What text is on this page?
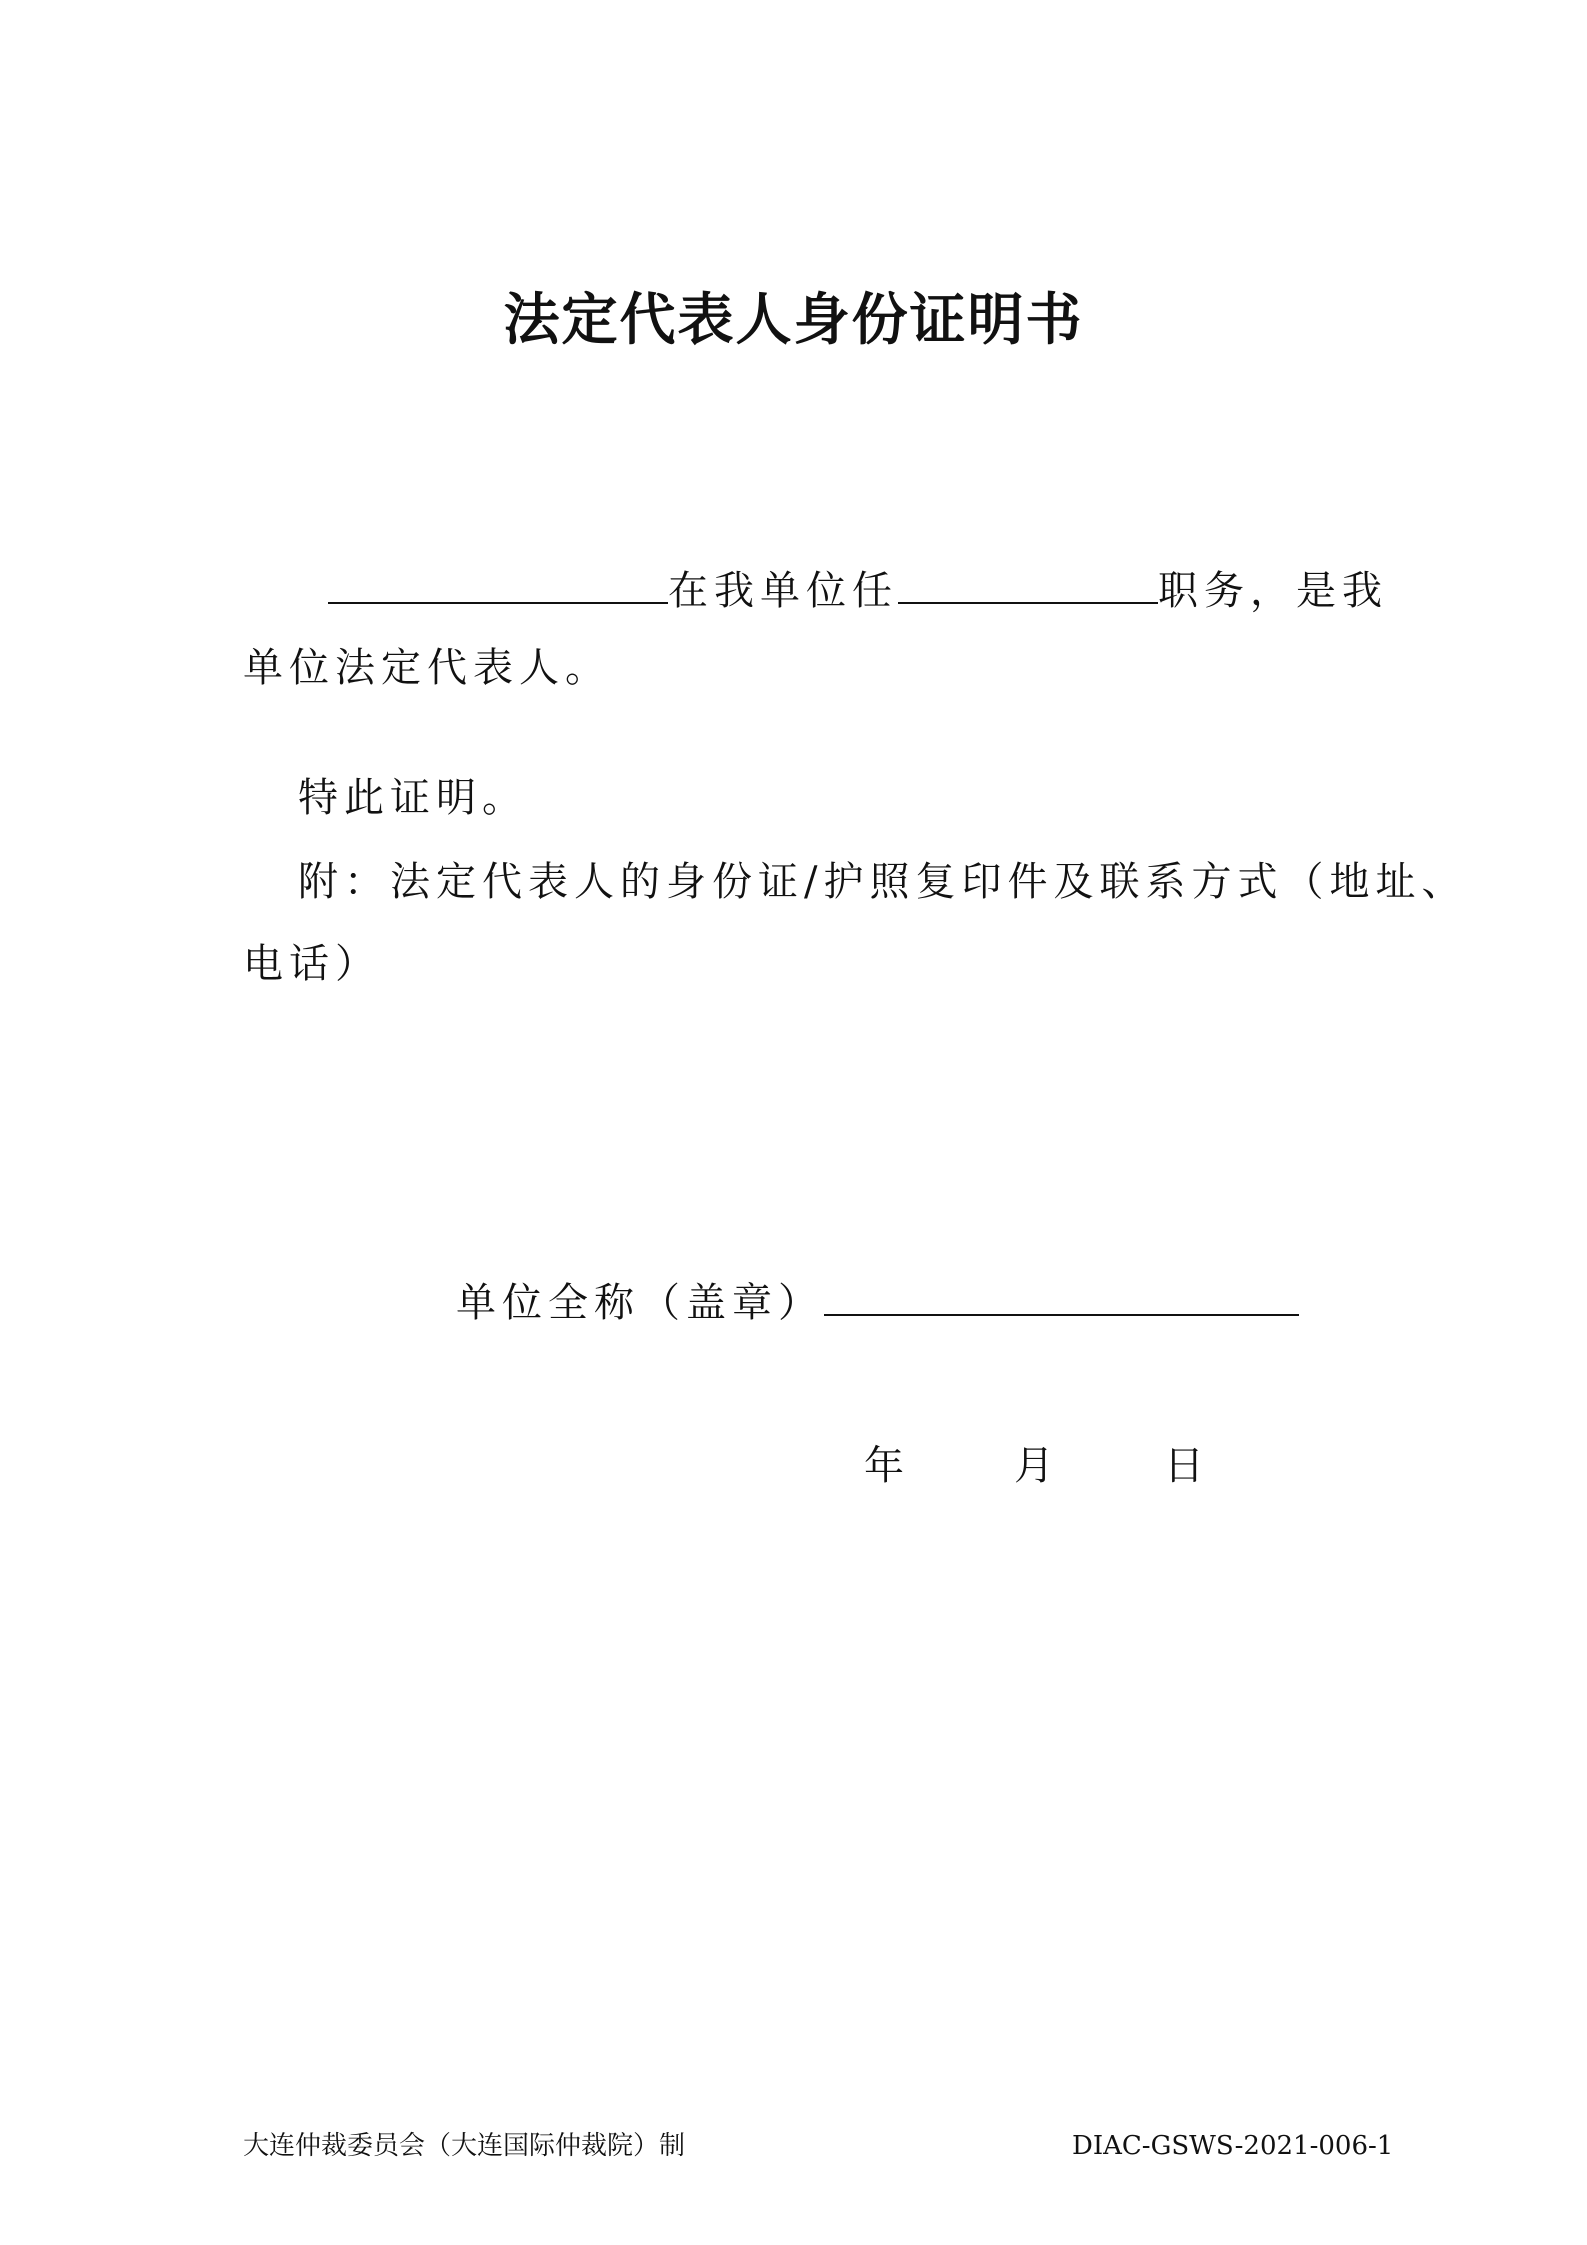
法定代表人身份证明书
在我单位任	职务，是我
单位法定代表人。
特此证明。
附：法定代表人的身份证/护照复印件及联系方式（地址、
电话）
单位全称（盖章）
年	月	日
大连仲裁委员会（大连国际仲裁院）制	DIAC-GSWS-2021-006-1
